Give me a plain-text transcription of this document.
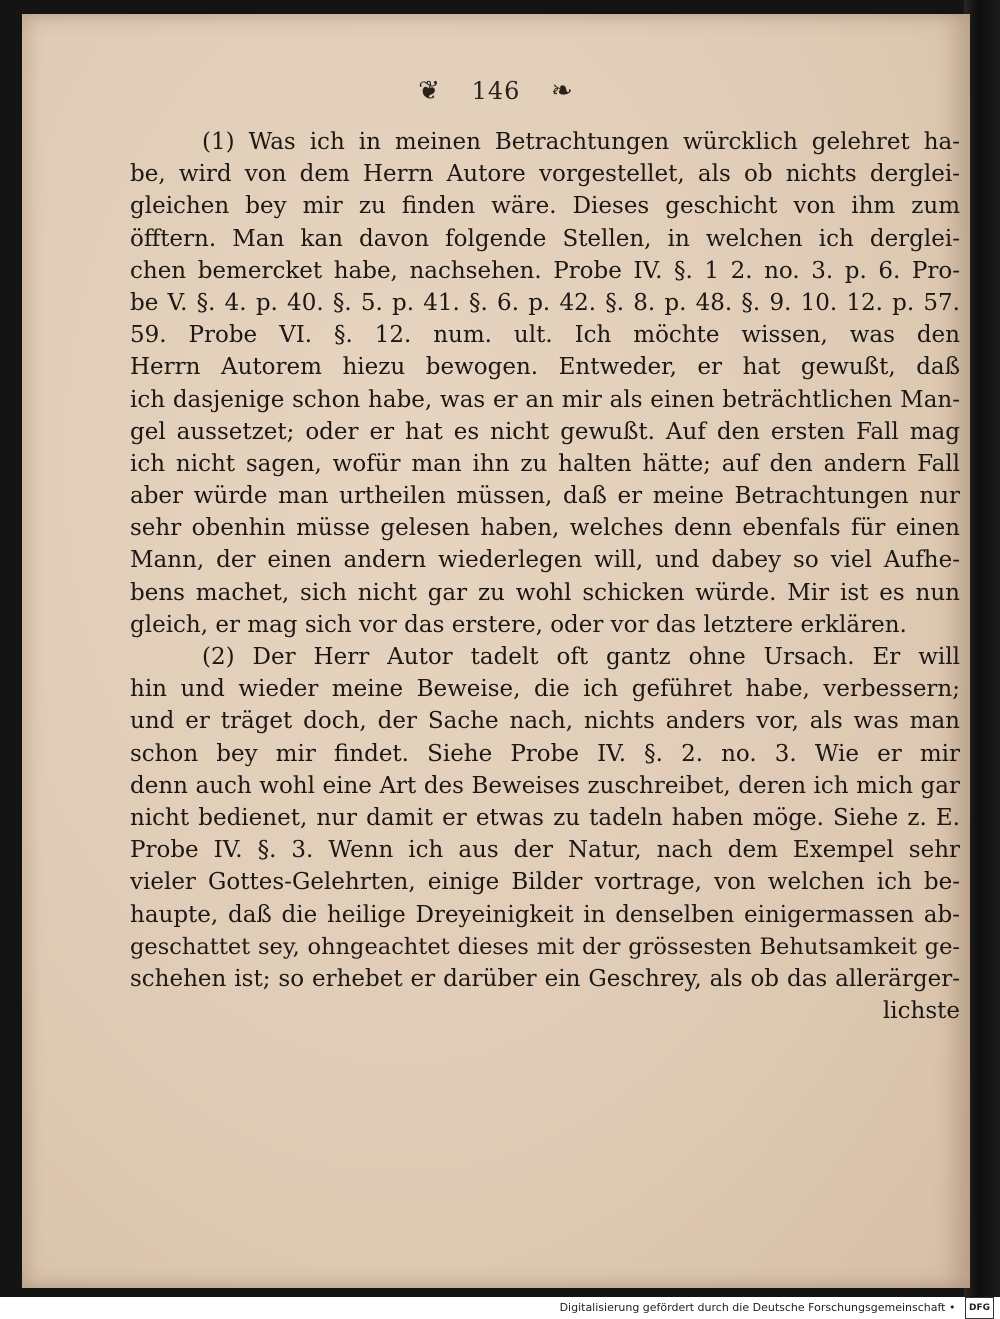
❦ 146 ❧
(1) Was ich in meinen Betrachtungen würcklich gelehret ha-
be, wird von dem Herrn Autore vorgestellet, als ob nichts derglei-
gleichen bey mir zu finden wäre. Dieses geschicht von ihm zum
öfftern. Man kan davon folgende Stellen, in welchen ich derglei-
chen bemercket habe, nachsehen. Probe IV. §. 1 2. no. 3. p. 6. Pro-
be V. §. 4. p. 40. §. 5. p. 41. §. 6. p. 42. §. 8. p. 48. §. 9. 10. 12. p. 57.
59. Probe VI. §. 12. num. ult. Ich möchte wissen, was den
Herrn Autorem hiezu bewogen. Entweder, er hat gewußt, daß
ich dasjenige schon habe, was er an mir als einen beträchtlichen Man-
gel aussetzet; oder er hat es nicht gewußt. Auf den ersten Fall mag
ich nicht sagen, wofür man ihn zu halten hätte; auf den andern Fall
aber würde man urtheilen müssen, daß er meine Betrachtungen nur
sehr obenhin müsse gelesen haben, welches denn ebenfals für einen
Mann, der einen andern wiederlegen will, und dabey so viel Aufhe-
bens machet, sich nicht gar zu wohl schicken würde. Mir ist es nun
gleich, er mag sich vor das erstere, oder vor das letztere erklären.
(2) Der Herr Autor tadelt oft gantz ohne Ursach. Er will
hin und wieder meine Beweise, die ich geführet habe, verbessern;
und er träget doch, der Sache nach, nichts anders vor, als was man
schon bey mir findet. Siehe Probe IV. §. 2. no. 3. Wie er mir
denn auch wohl eine Art des Beweises zuschreibet, deren ich mich gar
nicht bedienet, nur damit er etwas zu tadeln haben möge. Siehe z. E.
Probe IV. §. 3. Wenn ich aus der Natur, nach dem Exempel sehr
vieler Gottes-Gelehrten, einige Bilder vortrage, von welchen ich be-
haupte, daß die heilige Dreyeinigkeit in denselben einigermassen ab-
geschattet sey, ohngeachtet dieses mit der grössesten Behutsamkeit ge-
schehen ist; so erhebet er darüber ein Geschrey, als ob das allerärger-
lichste
Digitalisierung gefördert durch die Deutsche Forschungsgemeinschaft • DFG
